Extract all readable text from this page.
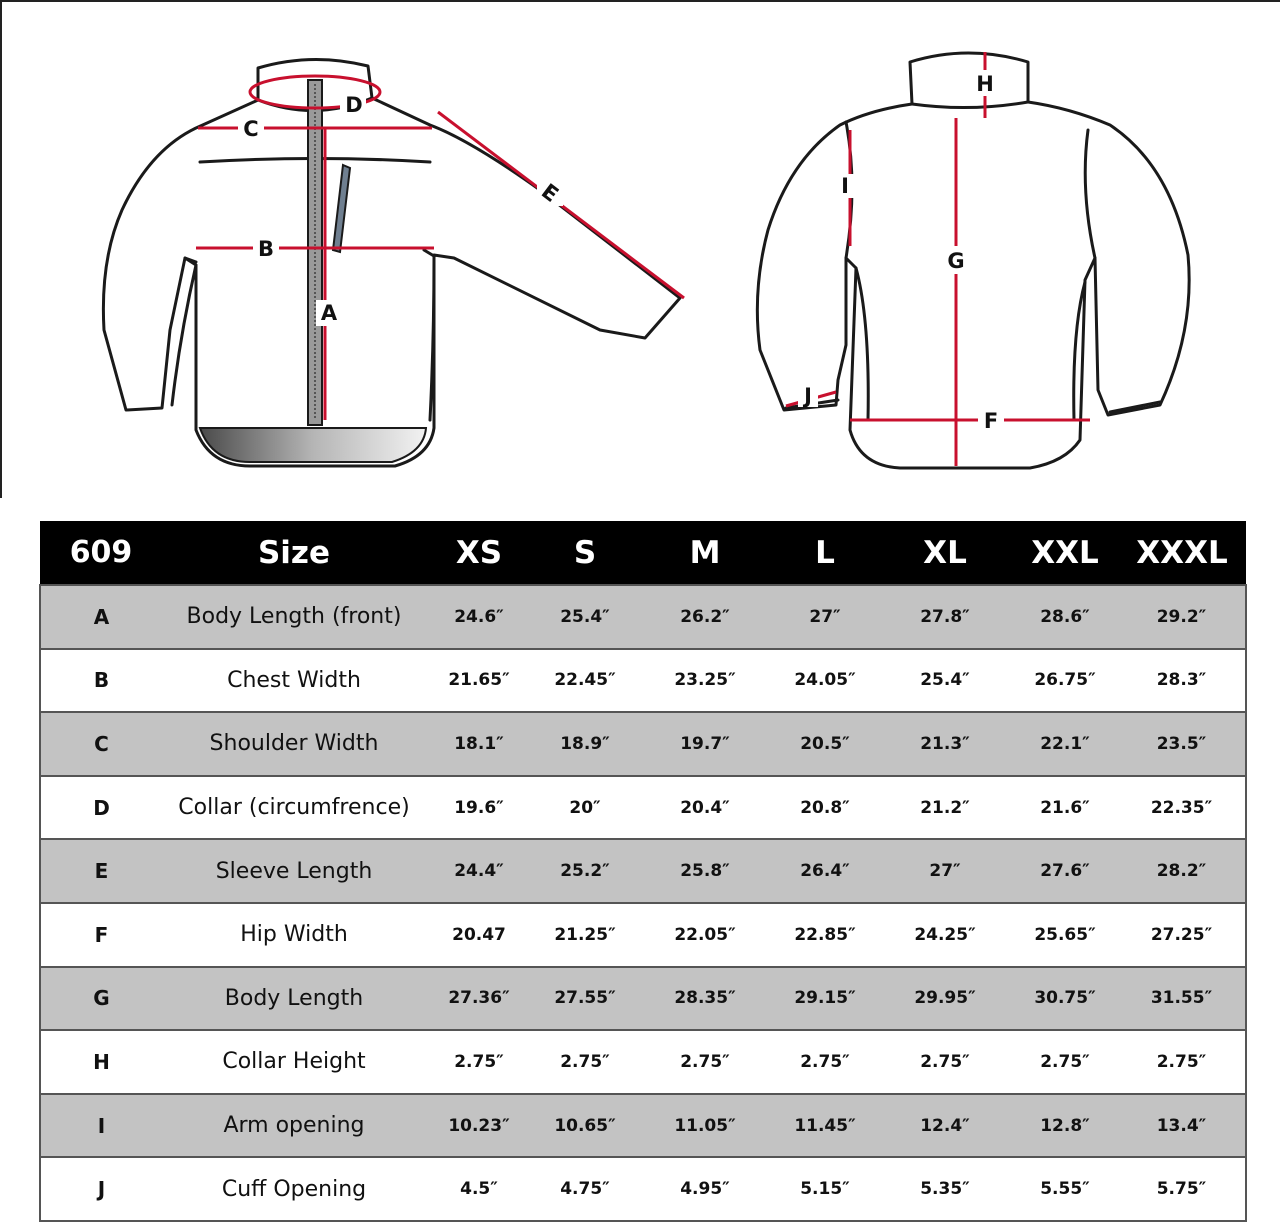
D
C
B
A
E
H
G
I
F
J
609	Size	XS	S	M	L	XL	XXL	XXXL
A	Body Length (front)	24.6″	25.4″	26.2″	27″	27.8″	28.6″	29.2″
B	Chest Width	21.65″	22.45″	23.25″	24.05″	25.4″	26.75″	28.3″
C	Shoulder Width	18.1″	18.9″	19.7″	20.5″	21.3″	22.1″	23.5″
D	Collar (circumfrence)	19.6″	20″	20.4″	20.8″	21.2″	21.6″	22.35″
E	Sleeve Length	24.4″	25.2″	25.8″	26.4″	27″	27.6″	28.2″
F	Hip Width	20.47	21.25″	22.05″	22.85″	24.25″	25.65″	27.25″
G	Body Length	27.36″	27.55″	28.35″	29.15″	29.95″	30.75″	31.55″
H	Collar Height	2.75″	2.75″	2.75″	2.75″	2.75″	2.75″	2.75″
I	Arm opening	10.23″	10.65″	11.05″	11.45″	12.4″	12.8″	13.4″
J	Cuff Opening	4.5″	4.75″	4.95″	5.15″	5.35″	5.55″	5.75″
